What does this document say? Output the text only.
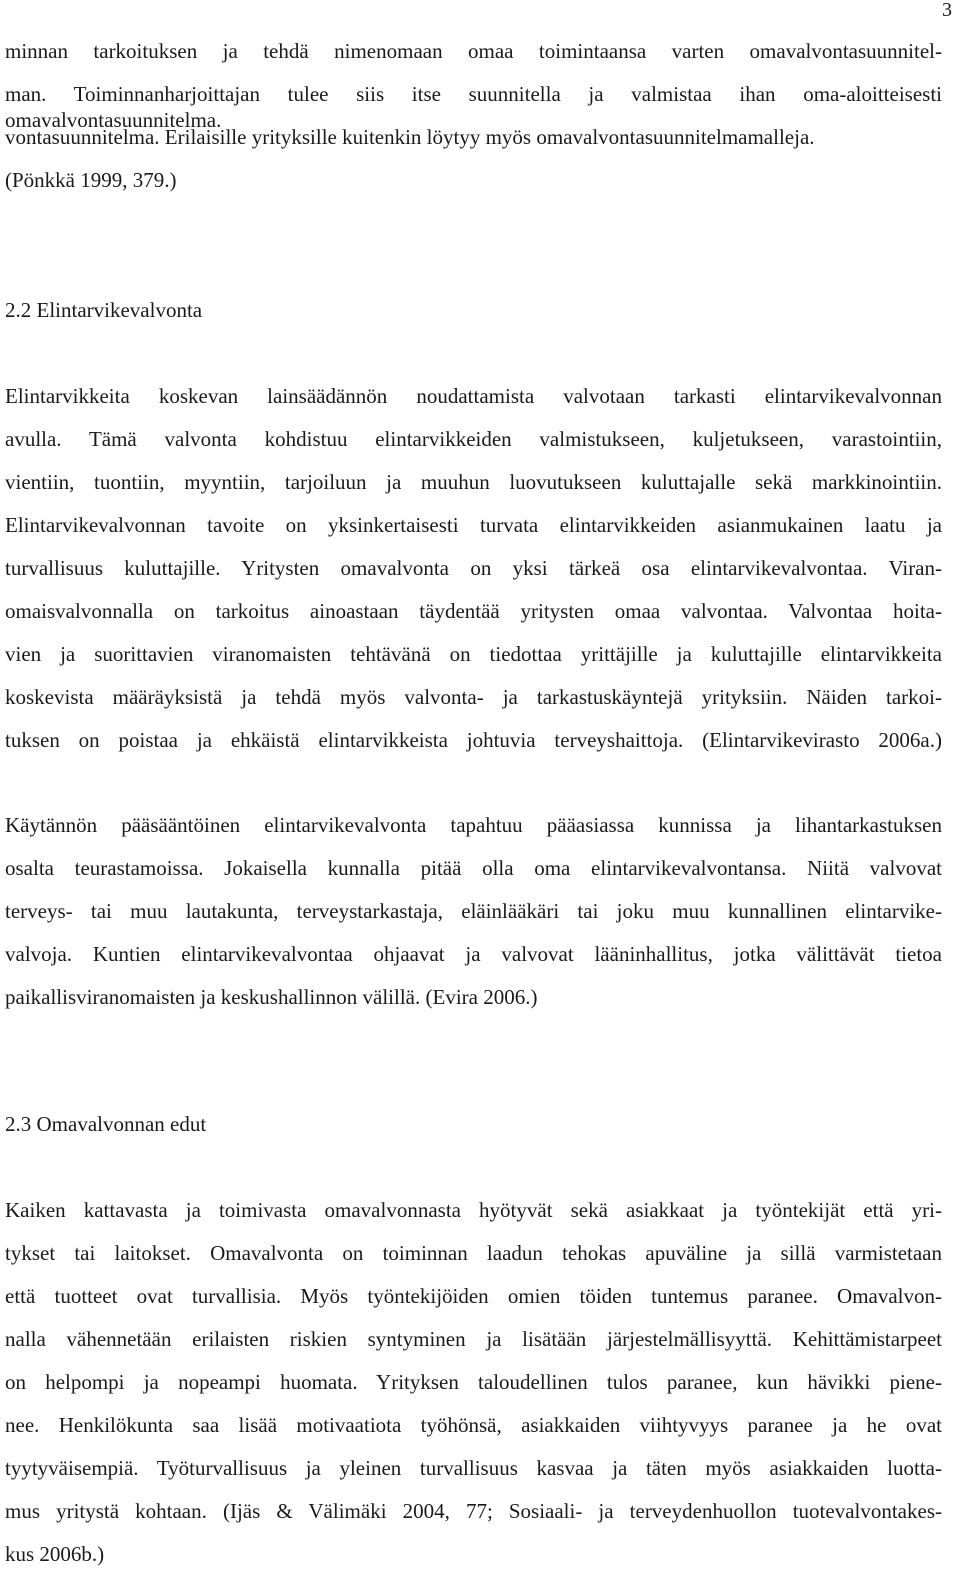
3

minnan tarkoituksen ja tehdä nimenomaan omaa toimintaansa varten omavalvontasuunnitel-

man. Toiminnanharjoittajan tulee siis itse suunnitella ja valmistaa ihan oma-aloitteisesti omavalvontasuunnitelma.

vontasuunnitelma. Erilaisille yrityksille kuitenkin löytyy myös omavalvontasuunnitelmamalleja.

(Pönkkä 1999, 379.)

2.2 Elintarvikevalvonta

Elintarvikkeita koskevan lainsäädännön noudattamista valvotaan tarkasti elintarvikevalvonnan

avulla. Tämä valvonta kohdistuu elintarvikkeiden valmistukseen, kuljetukseen, varastointiin,

vientiin, tuontiin, myyntiin, tarjoiluun ja muuhun luovutukseen kuluttajalle sekä markkinointiin.

Elintarvikevalvonnan tavoite on yksinkertaisesti turvata elintarvikkeiden asianmukainen laatu ja

turvallisuus kuluttajille. Yritysten omavalvonta on yksi tärkeä osa elintarvikevalvontaa. Viran-

omaisvalvonnalla on tarkoitus ainoastaan täydentää yritysten omaa valvontaa. Valvontaa hoita-

vien ja suorittavien viranomaisten tehtävänä on tiedottaa yrittäjille ja kuluttajille elintarvikkeita

koskevista määräyksistä ja tehdä myös valvonta- ja tarkastuskäyntejä yrityksiin. Näiden tarkoi-

tuksen on poistaa ja ehkäistä elintarvikkeista johtuvia terveyshaittoja. (Elintarvikevirasto 2006a.)

Käytännön pääsääntöinen elintarvikevalvonta tapahtuu pääasiassa kunnissa ja lihantarkastuksen

osalta teurastamoissa. Jokaisella kunnalla pitää olla oma elintarvikevalvontansa. Niitä valvovat

terveys- tai muu lautakunta, terveystarkastaja, eläinlääkäri tai joku muu kunnallinen elintarvike-

valvoja. Kuntien elintarvikevalvontaa ohjaavat ja valvovat lääninhallitus, jotka välittävät tietoa

paikallisviranomaisten ja keskushallinnon välillä. (Evira 2006.)

2.3 Omavalvonnan edut

Kaiken kattavasta ja toimivasta omavalvonnasta hyötyvät sekä asiakkaat ja työntekijät että yri-

tykset tai laitokset. Omavalvonta on toiminnan laadun tehokas apuväline ja sillä varmistetaan

että tuotteet ovat turvallisia. Myös työntekijöiden omien töiden tuntemus paranee. Omavalvon-

nalla vähennetään erilaisten riskien syntyminen ja lisätään järjestelmällisyyttä. Kehittämistarpeet

on helpompi ja nopeampi huomata. Yrityksen taloudellinen tulos paranee, kun hävikki piene-

nee. Henkilökunta saa lisää motivaatiota työhönsä, asiakkaiden viihtyvyys paranee ja he ovat

tyytyväisempiä. Työturvallisuus ja yleinen turvallisuus kasvaa ja täten myös asiakkaiden luotta-

mus yritystä kohtaan. (Ijäs & Välimäki 2004, 77; Sosiaali- ja terveydenhuollon tuotevalvontakes-

kus 2006b.)
